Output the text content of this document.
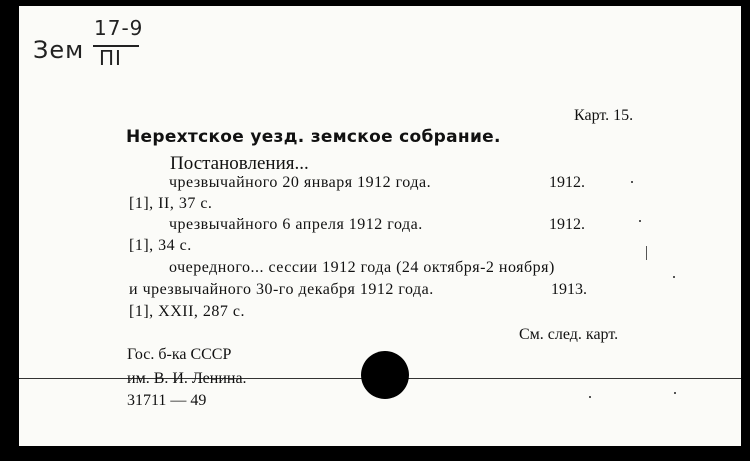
Зем
17-9
ПI
Карт. 15.
Нерехтское уезд. земское собрание.
Постановления...
чрезвычайного 20 января 1912 года.	1912.
[1], II, 37 с.
чрезвычайного 6 апреля 1912 года.	1912.
[1], 34 с.
очередного... сессии 1912 года (24 октября-2 ноября)
и чрезвычайного 30-го декабря 1912 года.	1913.
[1], XXII, 287 с.
См. след. карт.
Гос. б-ка СССР
им. В. И. Ленина.
31711 — 49
